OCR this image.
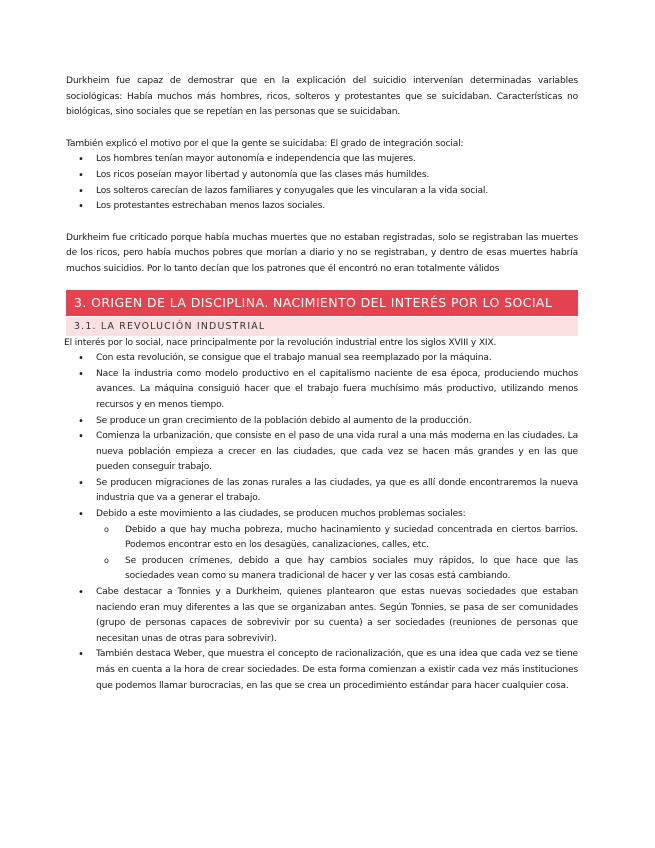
Durkheim fue capaz de demostrar que en la explicación del suicidio intervenían determinadas variables sociológicas: Había muchos más hombres, ricos, solteros y protestantes que se suicidaban. Características no biológicas, sino sociales que se repetían en las personas que se suicidaban.

También explicó el motivo por el que la gente se suicidaba: El grado de integración social:

• Los hombres tenían mayor autonomía e independencia que las mujeres.
• Los ricos poseían mayor libertad y autonomía que las clases más humildes.
• Los solteros carecían de lazos familiares y conyugales que les vincularan a la vida social.
• Los protestantes estrechaban menos lazos sociales.

Durkheim fue criticado porque había muchas muertes que no estaban registradas, solo se registraban las muertes de los ricos, pero había muchos pobres que morían a diario y no se registraban, y dentro de esas muertes habría muchos suicidios. Por lo tanto decían que los patrones que él encontró no eran totalmente válidos

3. ORIGEN DE LA DISCIPLINA. NACIMIENTO DEL INTERÉS POR LO SOCIAL
3.1. LA REVOLUCIÓN INDUSTRIAL

El interés por lo social, nace principalmente por la revolución industrial entre los siglos XVIII y XIX.

• Con esta revolución, se consigue que el trabajo manual sea reemplazado por la máquina.
• Nace la industria como modelo productivo en el capitalismo naciente de esa época, produciendo muchos avances. La máquina consiguió hacer que el trabajo fuera muchísimo más productivo, utilizando menos recursos y en menos tiempo.
• Se produce un gran crecimiento de la población debido al aumento de la producción.
• Comienza la urbanización, que consiste en el paso de una vida rural a una más moderna en las ciudades. La nueva población empieza a crecer en las ciudades, que cada vez se hacen más grandes y en las que pueden conseguir trabajo.
• Se producen migraciones de las zonas rurales a las ciudades, ya que es allí donde encontraremos la nueva industria que va a generar el trabajo.
• Debido a este movimiento a las ciudades, se producen muchos problemas sociales:
o Debido a que hay mucha pobreza, mucho hacinamiento y suciedad concentrada en ciertos barrios. Podemos encontrar esto en los desagües, canalizaciones, calles, etc.
o Se producen crímenes, debido a que hay cambios sociales muy rápidos, lo que hace que las sociedades vean como su manera tradicional de hacer y ver las cosas está cambiando.
• Cabe destacar a Tonnies y a Durkheim, quienes plantearon que estas nuevas sociedades que estaban naciendo eran muy diferentes a las que se organizaban antes. Según Tonnies, se pasa de ser comunidades (grupo de personas capaces de sobrevivir por su cuenta) a ser sociedades (reuniones de personas que necesitan unas de otras para sobrevivir).
• También destaca Weber, que muestra el concepto de racionalización, que es una idea que cada vez se tiene más en cuenta a la hora de crear sociedades. De esta forma comienzan a existir cada vez más instituciones que podemos llamar burocracias, en las que se crea un procedimiento estándar para hacer cualquier cosa.
